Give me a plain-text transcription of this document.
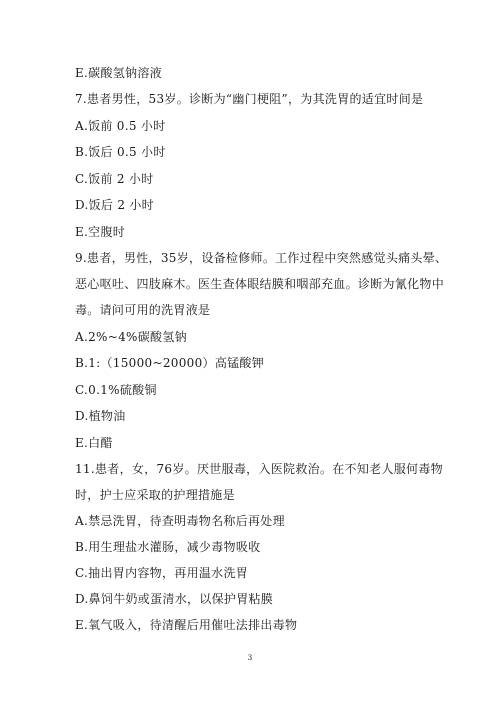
E.碳酸氢钠溶液
7.患者男性，53岁。诊断为“幽门梗阻”，为其洗胃的适宜时间是
A.饭前 0.5 小时
B.饭后 0.5 小时
C.饭前 2 小时
D.饭后 2 小时
E.空腹时
9.患者，男性，35岁，设备检修师。工作过程中突然感觉头痛头晕、
恶心呕吐、四肢麻木。医生查体眼结膜和咽部充血。诊断为氰化物中
毒。请问可用的洗胃液是
A.2%~4%碳酸氢钠
B.1:（15000~20000）高锰酸钾
C.0.1%硫酸铜
D.植物油
E.白醋
11.患者，女，76岁。厌世服毒，入医院救治。在不知老人服何毒物
时，护士应采取的护理措施是
A.禁忌洗胃，待查明毒物名称后再处理
B.用生理盐水灌肠，减少毒物吸收
C.抽出胃内容物，再用温水洗胃
D.鼻饲牛奶或蛋清水，以保护胃粘膜
E.氧气吸入，待清醒后用催吐法排出毒物
3
